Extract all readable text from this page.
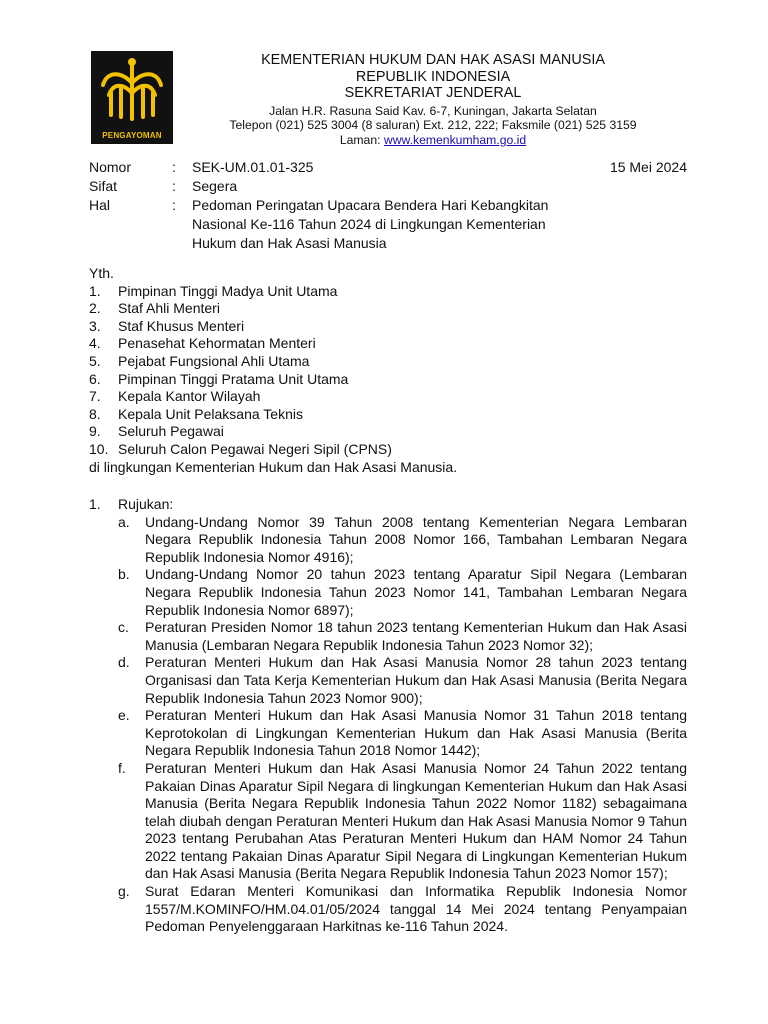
PENGAYOMAN
KEMENTERIAN HUKUM DAN HAK ASASI MANUSIA
REPUBLIK INDONESIA
SEKRETARIAT JENDERAL
Jalan H.R. Rasuna Said Kav. 6-7, Kuningan, Jakarta Selatan
Telepon (021) 525 3004 (8 saluran) Ext. 212, 222; Faksmile (021) 525 3159
Laman: www.kemenkumham.go.id
Nomor	: SEK-UM.01.01-325	15 Mei 2024
Sifat	: Segera
Hal	: Pedoman Peringatan Upacara Bendera Hari Kebangkitan
Nasional Ke-116 Tahun 2024 di Lingkungan Kementerian
Hukum dan Hak Asasi Manusia
Yth.
1. Pimpinan Tinggi Madya Unit Utama
2. Staf Ahli Menteri
3. Staf Khusus Menteri
4. Penasehat Kehormatan Menteri
5. Pejabat Fungsional Ahli Utama
6. Pimpinan Tinggi Pratama Unit Utama
7. Kepala Kantor Wilayah
8. Kepala Unit Pelaksana Teknis
9. Seluruh Pegawai
10. Seluruh Calon Pegawai Negeri Sipil (CPNS)
di lingkungan Kementerian Hukum dan Hak Asasi Manusia.
1. Rujukan:
a. Undang-Undang Nomor 39 Tahun 2008 tentang Kementerian Negara Lembaran Negara Republik Indonesia Tahun 2008 Nomor 166, Tambahan Lembaran Negara Republik Indonesia Nomor 4916);
b. Undang-Undang Nomor 20 tahun 2023 tentang Aparatur Sipil Negara (Lembaran Negara Republik Indonesia Tahun 2023 Nomor 141, Tambahan Lembaran Negara Republik Indonesia Nomor 6897);
c. Peraturan Presiden Nomor 18 tahun 2023 tentang Kementerian Hukum dan Hak Asasi Manusia (Lembaran Negara Republik Indonesia Tahun 2023 Nomor 32);
d. Peraturan Menteri Hukum dan Hak Asasi Manusia Nomor 28 tahun 2023 tentang Organisasi dan Tata Kerja Kementerian Hukum dan Hak Asasi Manusia (Berita Negara Republik Indonesia Tahun 2023 Nomor 900);
e. Peraturan Menteri Hukum dan Hak Asasi Manusia Nomor 31 Tahun 2018 tentang Keprotokolan di Lingkungan Kementerian Hukum dan Hak Asasi Manusia (Berita Negara Republik Indonesia Tahun 2018 Nomor 1442);
f. Peraturan Menteri Hukum dan Hak Asasi Manusia Nomor 24 Tahun 2022 tentang Pakaian Dinas Aparatur Sipil Negara di lingkungan Kementerian Hukum dan Hak Asasi Manusia (Berita Negara Republik Indonesia Tahun 2022 Nomor 1182) sebagaimana telah diubah dengan Peraturan Menteri Hukum dan Hak Asasi Manusia Nomor 9 Tahun 2023 tentang Perubahan Atas Peraturan Menteri Hukum dan HAM Nomor 24 Tahun 2022 tentang Pakaian Dinas Aparatur Sipil Negara di Lingkungan Kementerian Hukum dan Hak Asasi Manusia (Berita Negara Republik Indonesia Tahun 2023 Nomor 157);
g. Surat Edaran Menteri Komunikasi dan Informatika Republik Indonesia Nomor 1557/M.KOMINFO/HM.04.01/05/2024 tanggal 14 Mei 2024 tentang Penyampaian Pedoman Penyelenggaraan Harkitnas ke-116 Tahun 2024.
